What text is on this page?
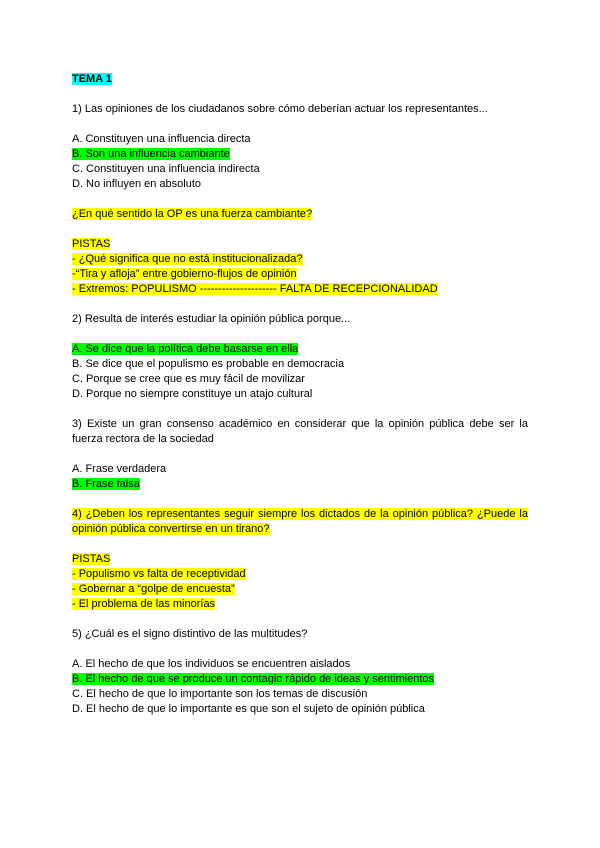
TEMA 1
1) Las opiniones de los ciudadanos sobre cómo deberían actuar los representantes...
A. Constituyen una influencia directa
B. Son una influencia cambiante
C. Constituyen una influencia indirecta
D. No influyen en absoluto
¿En qué sentido la OP es una fuerza cambiante?
PISTAS
- ¿Qué significa que no está institucionalizada?
-“Tira y afloja” entre gobierno-flujos de opinión
- Extremos: POPULISMO --------------------- FALTA DE RECEPCIONALIDAD
2) Resulta de interés estudiar la opinión pública porque...
A. Se dice que la política debe basarse en ella
B. Se dice que el populismo es probable en democracia
C. Porque se cree que es muy fácil de movilizar
D. Porque no siempre constituye un atajo cultural
3) Existe un gran consenso académico en considerar que la opinión pública debe ser la fuerza rectora de la sociedad
A. Frase verdadera
B. Frase falsa
4) ¿Deben los representantes seguir siempre los dictados de la opinión pública? ¿Puede la opinión pública convertirse en un tirano?
PISTAS
- Populismo vs falta de receptividad
- Gobernar a “golpe de encuesta”
- El problema de las minorías
5) ¿Cuál es el signo distintivo de las multitudes?
A. El hecho de que los individuos se encuentren aislados
B. El hecho de que se produce un contagio rápido de ideas y sentimientos
C. El hecho de que lo importante son los temas de discusión
D. El hecho de que lo importante es que son el sujeto de opinión pública
